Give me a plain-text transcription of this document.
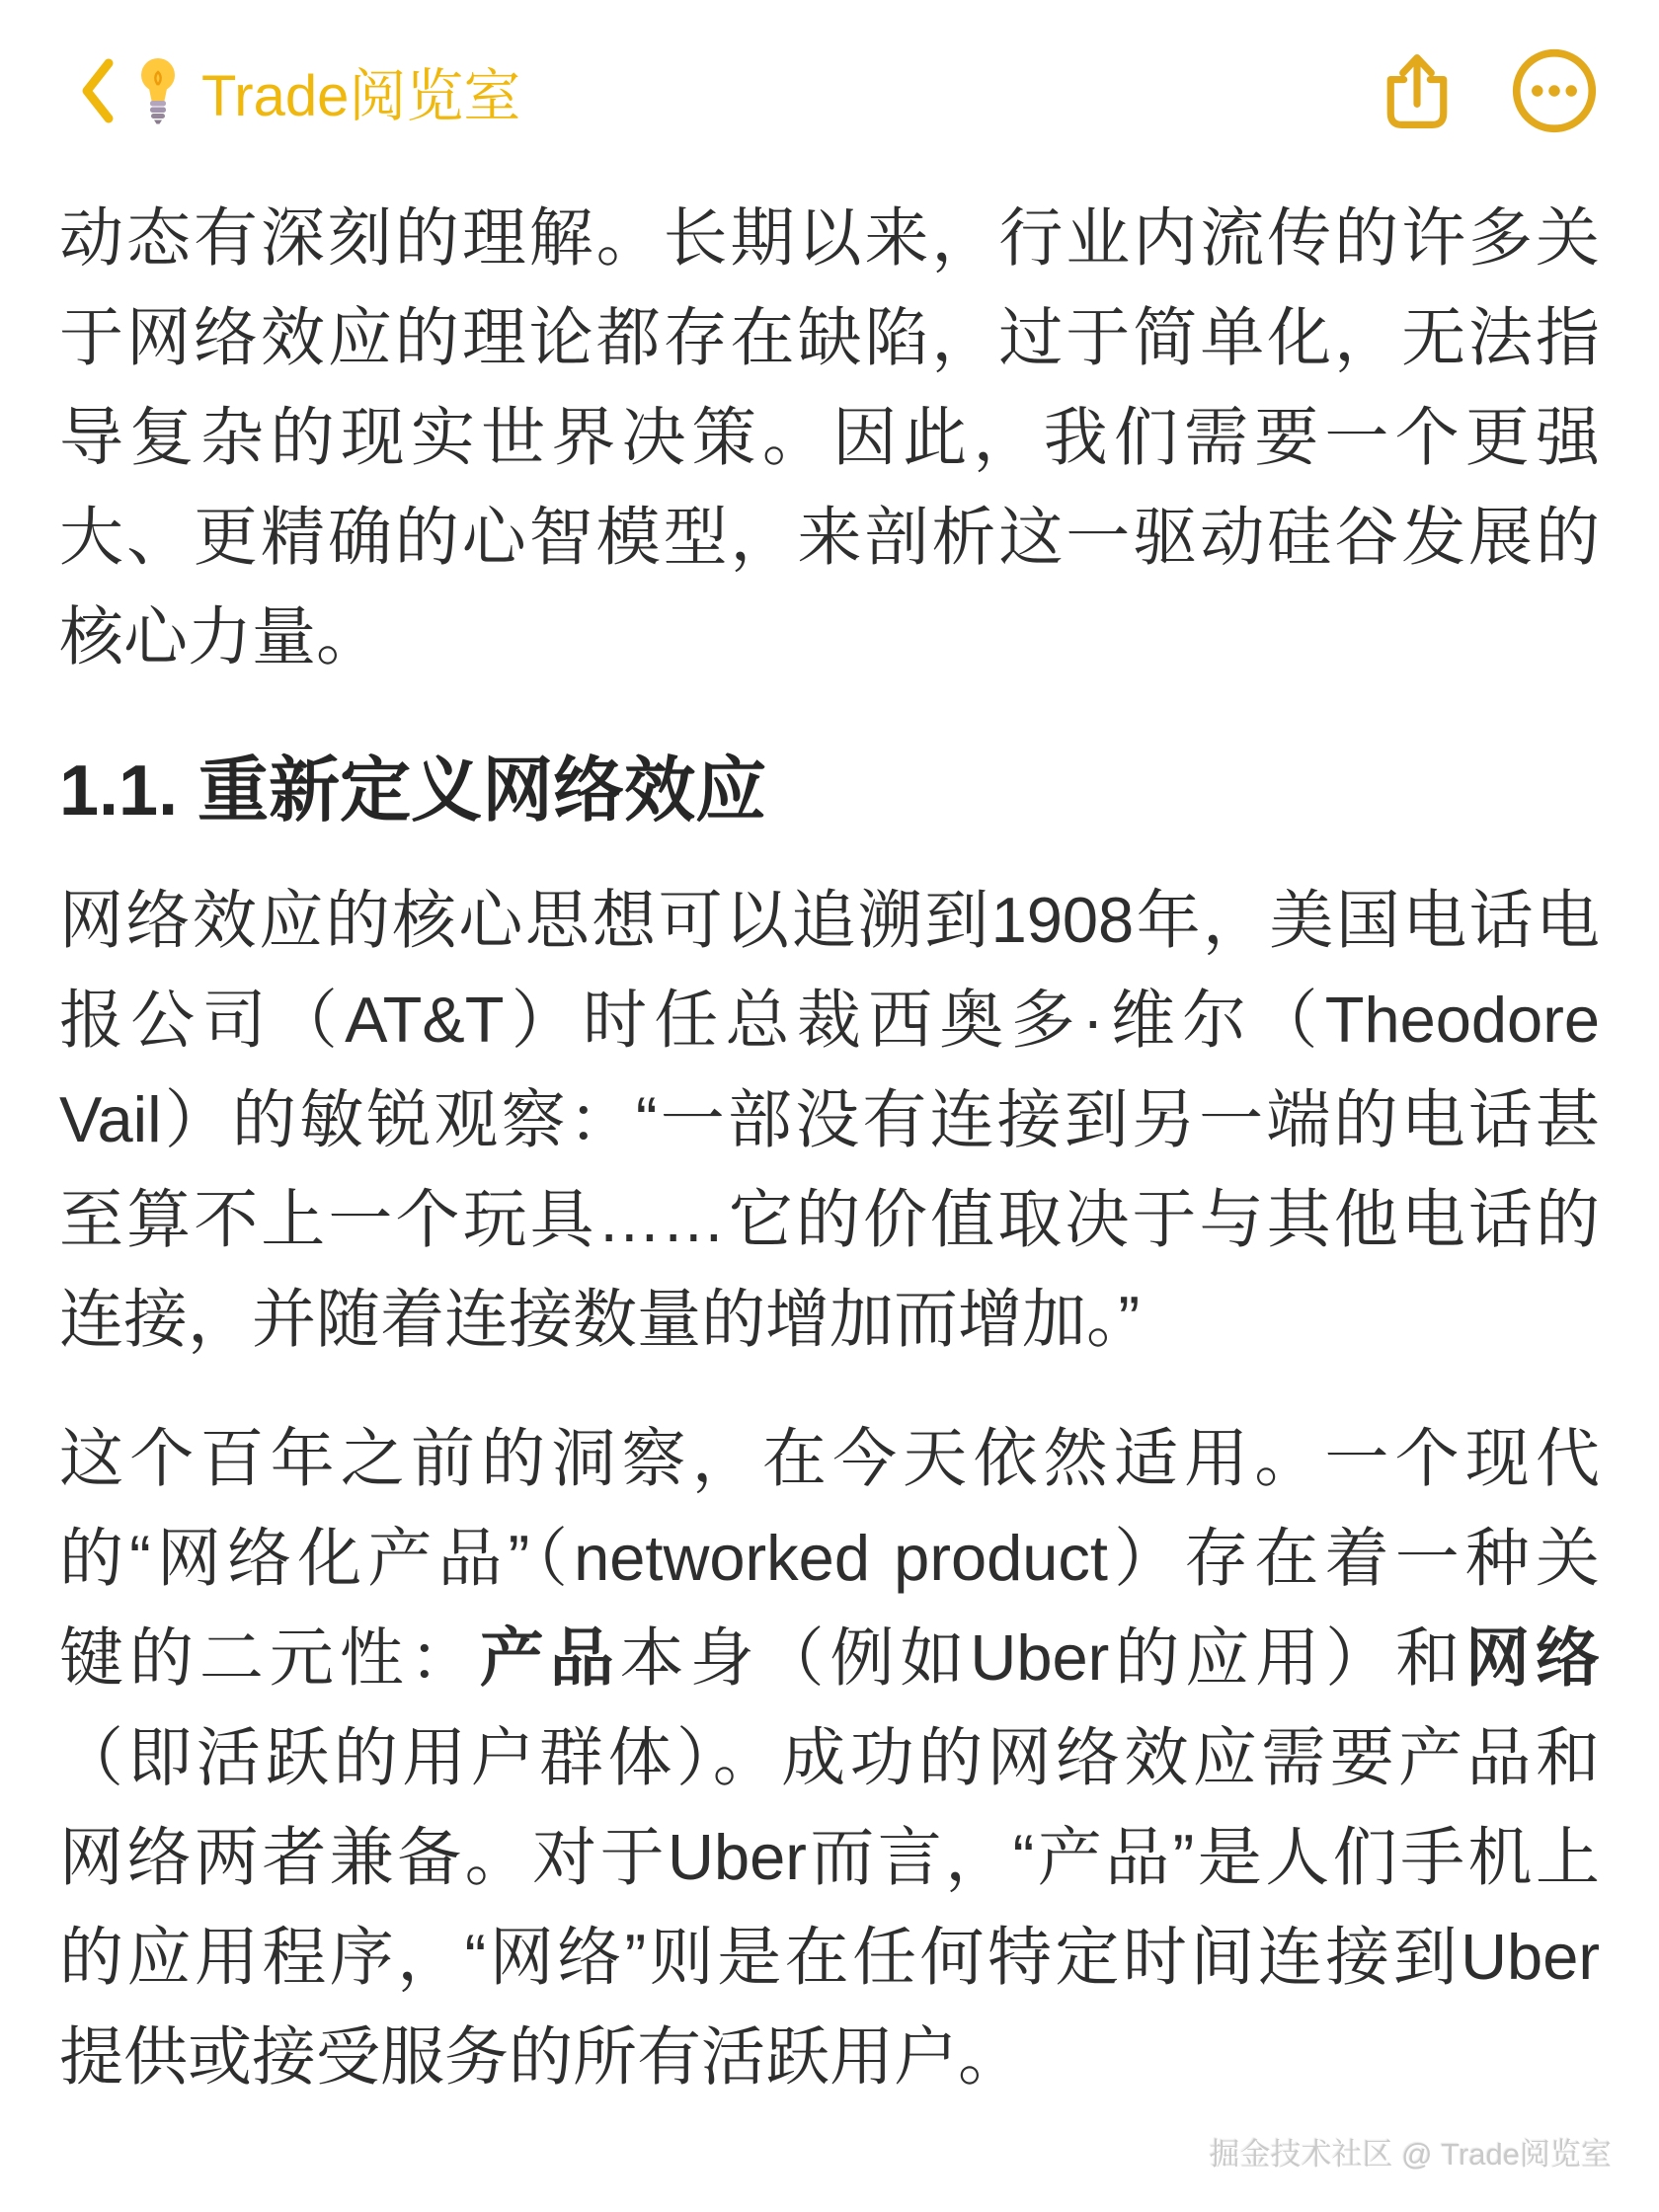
Trade阅览室
动态有深刻的理解。长期以来，行业内流传的许多关
于网络效应的理论都存在缺陷，过于简单化，无法指
导复杂的现实世界决策。因此，我们需要一个更强
大、更精确的心智模型，来剖析这一驱动硅谷发展的
核心力量。
1.1. 重新定义网络效应
网络效应的核心思想可以追溯到1908年，美国电话电
报公司（AT&T）时任总裁西奥多·维尔（Theodore
Vail）的敏锐观察：“一部没有连接到另一端的电话甚
至算不上一个玩具……它的价值取决于与其他电话的
连接，并随着连接数量的增加而增加。”
这个百年之前的洞察，在今天依然适用。一个现代
的“网络化产品”（networked product）存在着一种关
键的二元性：产品本身（例如Uber的应用）和网络
（即活跃的用户群体）。成功的网络效应需要产品和
网络两者兼备。对于Uber而言，“产品”是人们手机上
的应用程序，“网络”则是在任何特定时间连接到Uber
提供或接受服务的所有活跃用户。
掘金技术社区 @ Trade阅览室
